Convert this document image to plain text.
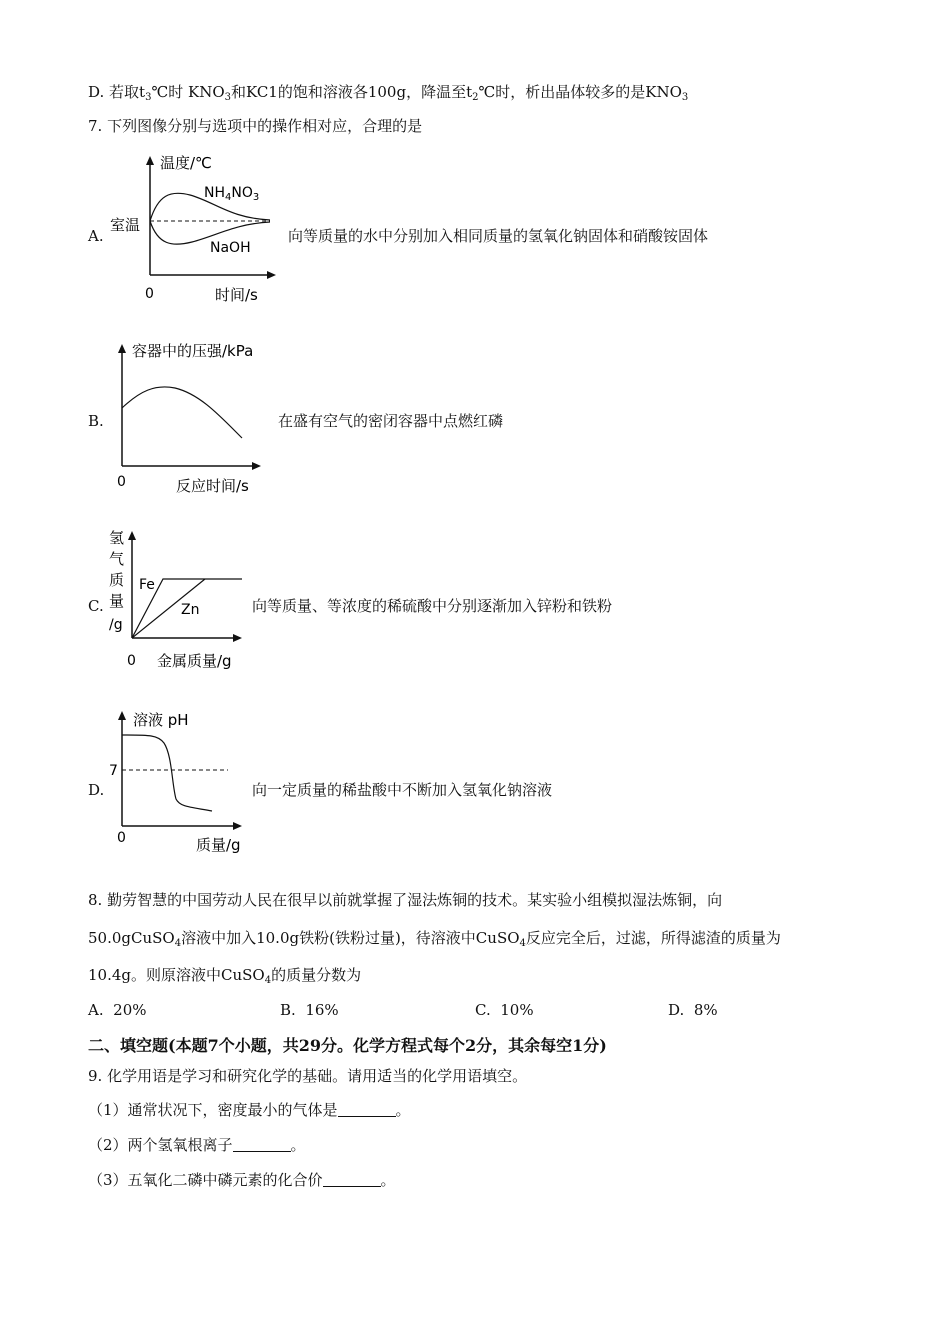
D. 若取$t_3℃$时 $KNO_3$和KC1的饱和溶液各100g，降温至$t_2℃$时，析出晶体较多的是$KNO_3$
7. 下列图像分别与选项中的操作相对应，合理的是
A.
温度/℃
室温
$NH_4NO_3$
NaOH
0	时间/s
向等质量的水中分别加入相同质量的氢氧化钠固体和硝酸铵固体
B.
容器中的压强/kPa
0	反应时间/s
在盛有空气的密闭容器中点燃红磷
C.
氢
气
质
量
/g
Fe
Zn
0 金属质量/g
向等质量、等浓度的稀硫酸中分别逐渐加入锌粉和铁粉
D.
溶液 pH
7
0	质量/g
向一定质量的稀盐酸中不断加入氢氧化钠溶液
8. 勤劳智慧的中国劳动人民在很早以前就掌握了湿法炼铜的技术。某实验小组模拟湿法炼铜，向
50.0gCuSO$_4$溶液中加入10.0g铁粉(铁粉过量)，待溶液中CuSO$_4$反应完全后，过滤，所得滤渣的质量为
10.4g。则原溶液中CuSO$_4$的质量分数为
A. 20%	B. 16%	C. 10%	D. 8%
二、填空题(本题7个小题，共29分。化学方程式每个2分，其余每空1分)
9. 化学用语是学习和研究化学的基础。请用适当的化学用语填空。
（1）通常状况下，密度最小的气体是	。
（2）两个氢氧根离子	。
（3）五氧化二磷中磷元素的化合价	。
